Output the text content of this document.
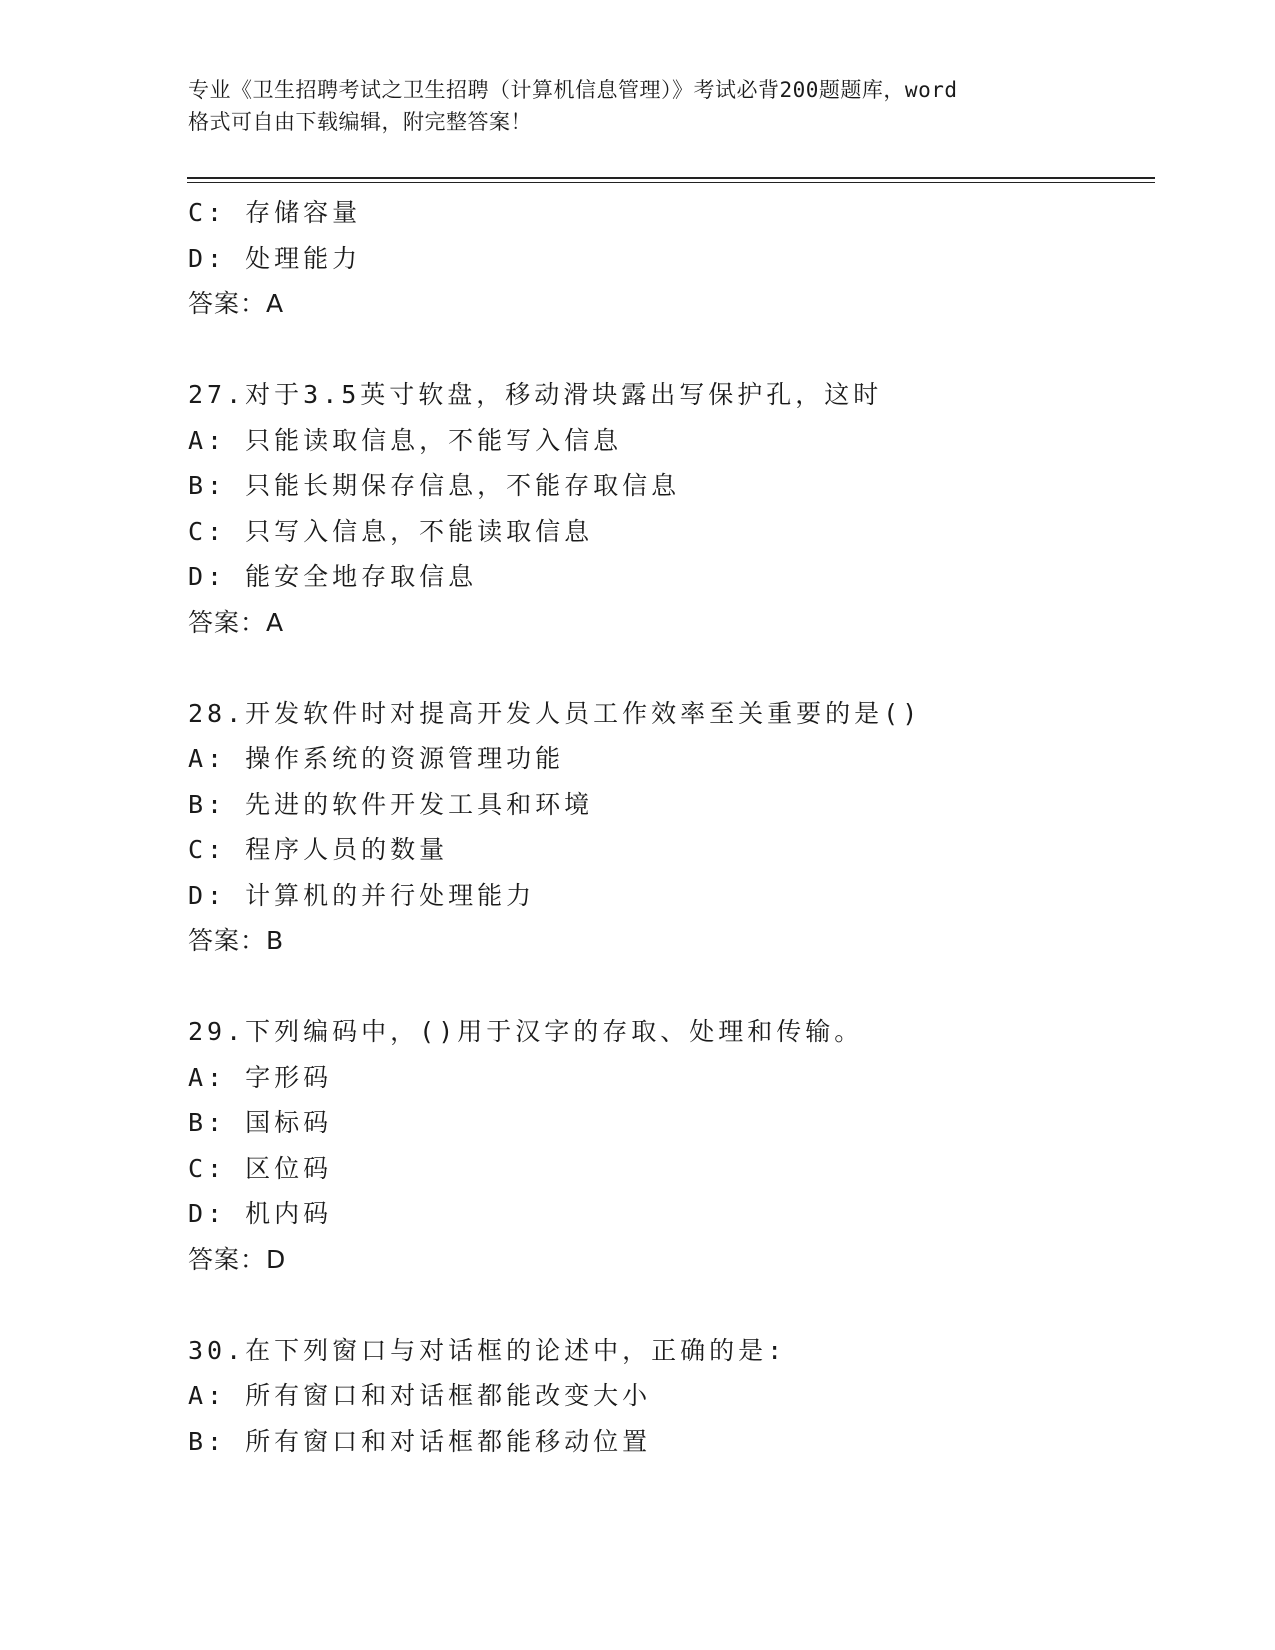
专业《卫生招聘考试之卫生招聘（计算机信息管理）》考试必背200题题库，word
格式可自由下载编辑，附完整答案！
C: 存储容量
D: 处理能力
答案：A
27.对于3.5英寸软盘，移动滑块露出写保护孔，这时
A: 只能读取信息，不能写入信息
B: 只能长期保存信息，不能存取信息
C: 只写入信息，不能读取信息
D: 能安全地存取信息
答案：A
28.开发软件时对提高开发人员工作效率至关重要的是()
A: 操作系统的资源管理功能
B: 先进的软件开发工具和环境
C: 程序人员的数量
D: 计算机的并行处理能力
答案：B
29.下列编码中，()用于汉字的存取、处理和传输。
A: 字形码
B: 国标码
C: 区位码
D: 机内码
答案：D
30.在下列窗口与对话框的论述中，正确的是:
A: 所有窗口和对话框都能改变大小
B: 所有窗口和对话框都能移动位置
